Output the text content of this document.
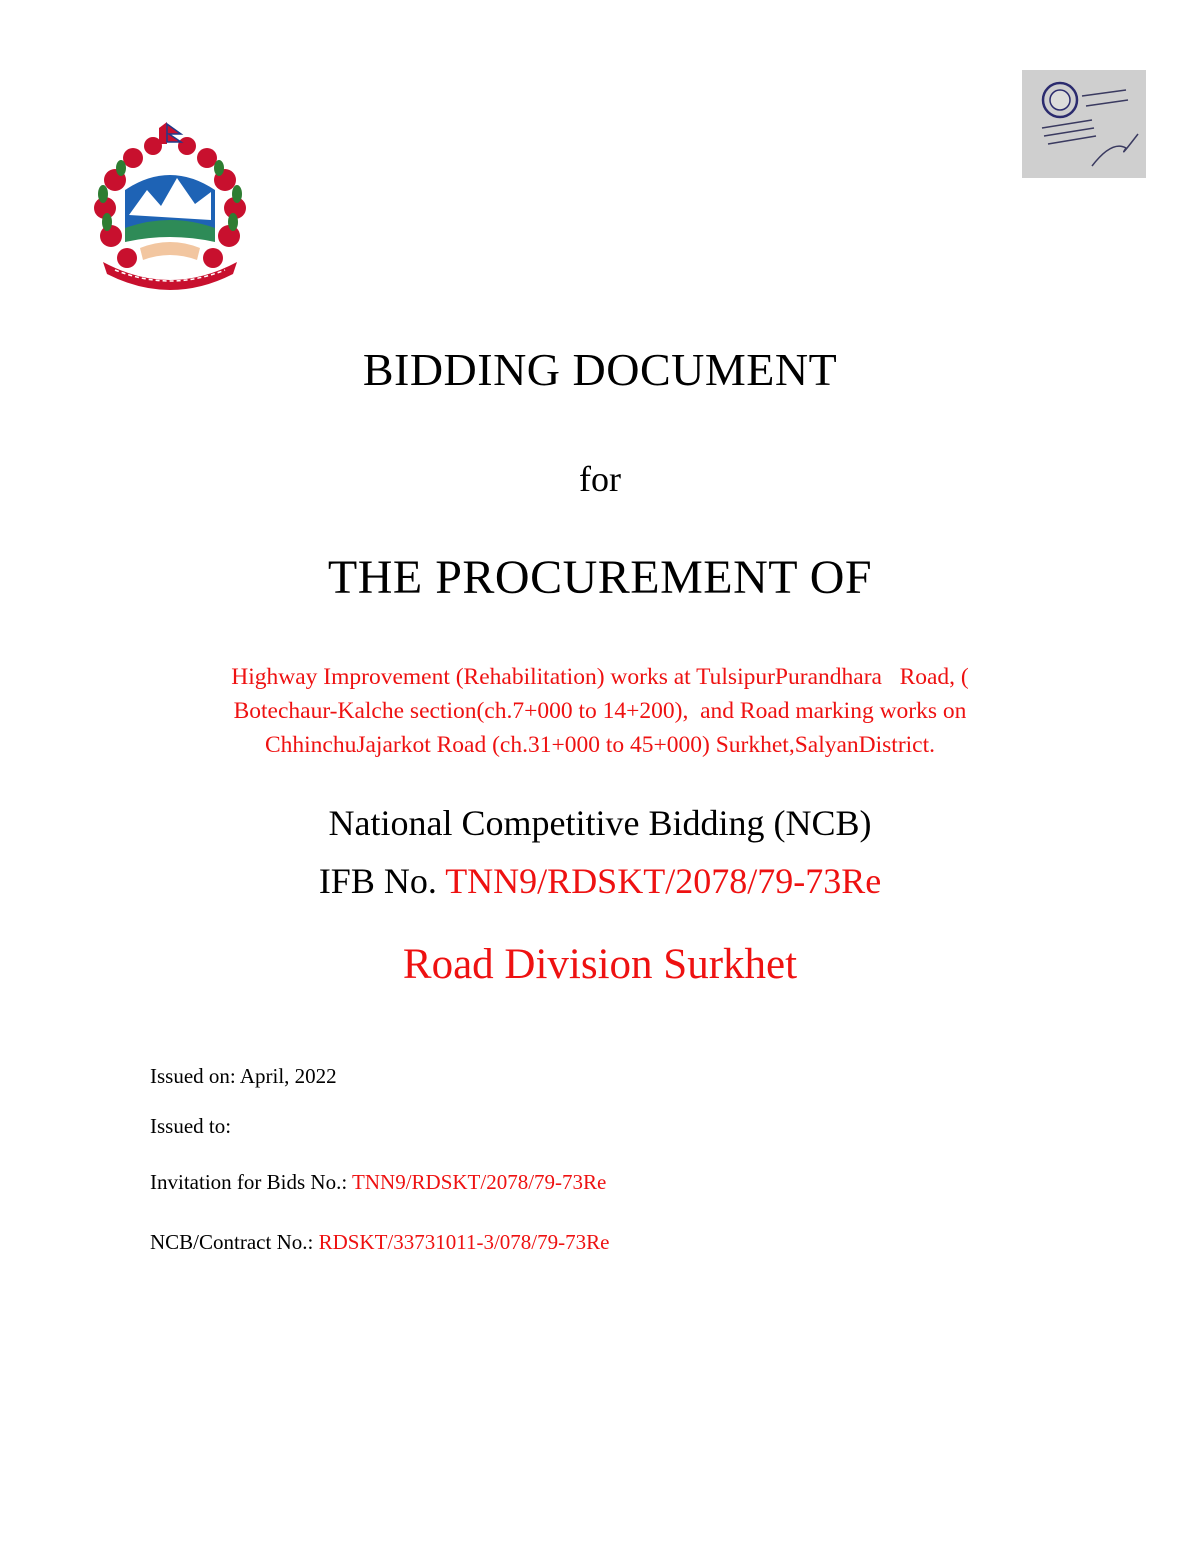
BIDDING DOCUMENT
for
THE PROCUREMENT OF
Highway Improvement (Rehabilitation) works at TulsipurPurandhara   Road, (
Botechaur-Kalche section(ch.7+000 to 14+200),  and Road marking works on
ChhinchuJajarkot Road (ch.31+000 to 45+000) Surkhet,SalyanDistrict.
National Competitive Bidding (NCB)
IFB No. TNN9/RDSKT/2078/79-73Re
Road Division Surkhet
Issued on: April, 2022
Issued to:
Invitation for Bids No.: TNN9/RDSKT/2078/79-73Re
NCB/Contract No.: RDSKT/33731011-3/078/79-73Re
